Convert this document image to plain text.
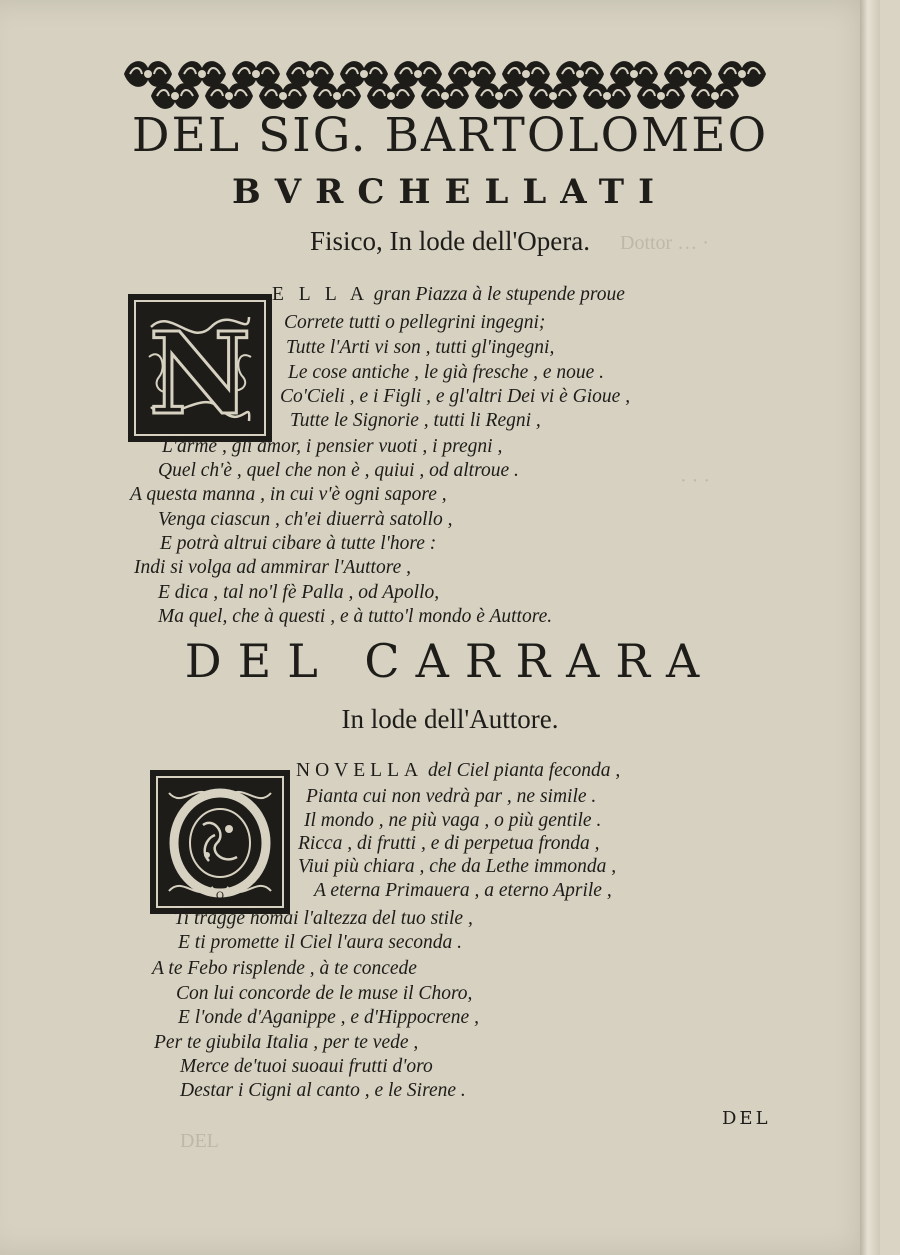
Dottor … ·
· · ·
DEL
DEL SIG. BARTOLOMEO
BVRCHELLATI
Fisico, In lode dell'Opera.
N
E L L A gran Piazza à le stupende proue
Correte tutti o pellegrini ingegni;
Tutte l'Arti vi son , tutti gl'ingegni,
Le cose antiche , le già fresche , e noue .
Co'Cieli , e i Figli , e gl'altri Dei vi è Gioue ,
Tutte le Signorie , tutti li Regni ,
L'arme , gli amor, i pensier vuoti , i pregni ,
Quel ch'è , quel che non è , quiui , od altroue .
A questa manna , in cui v'è ogni sapore ,
Venga ciascun , ch'ei diuerrà satollo ,
E potrà altrui cibare à tutte l'hore :
Indi si volga ad ammirar l'Auttore ,
E dica , tal no'l fè Palla , od Apollo,
Ma quel, che à questi , e à tutto'l mondo è Auttore.
DEL CARRARA
In lode dell'Auttore.
O
NOVELLA del Ciel pianta feconda ,
Pianta cui non vedrà par , ne simile .
Il mondo , ne più vaga , o più gentile .
Ricca , di frutti , e di perpetua fronda ,
Viui più chiara , che da Lethe immonda ,
A eterna Primauera , a eterno Aprile ,
Ti tragge homai l'altezza del tuo stile ,
E ti promette il Ciel l'aura seconda .
A te Febo risplende , à te concede
Con lui concorde de le muse il Choro,
E l'onde d'Aganippe , e d'Hippocrene ,
Per te giubila Italia , per te vede ,
Merce de'tuoi suoaui frutti d'oro
Destar i Cigni al canto , e le Sirene .
DEL
